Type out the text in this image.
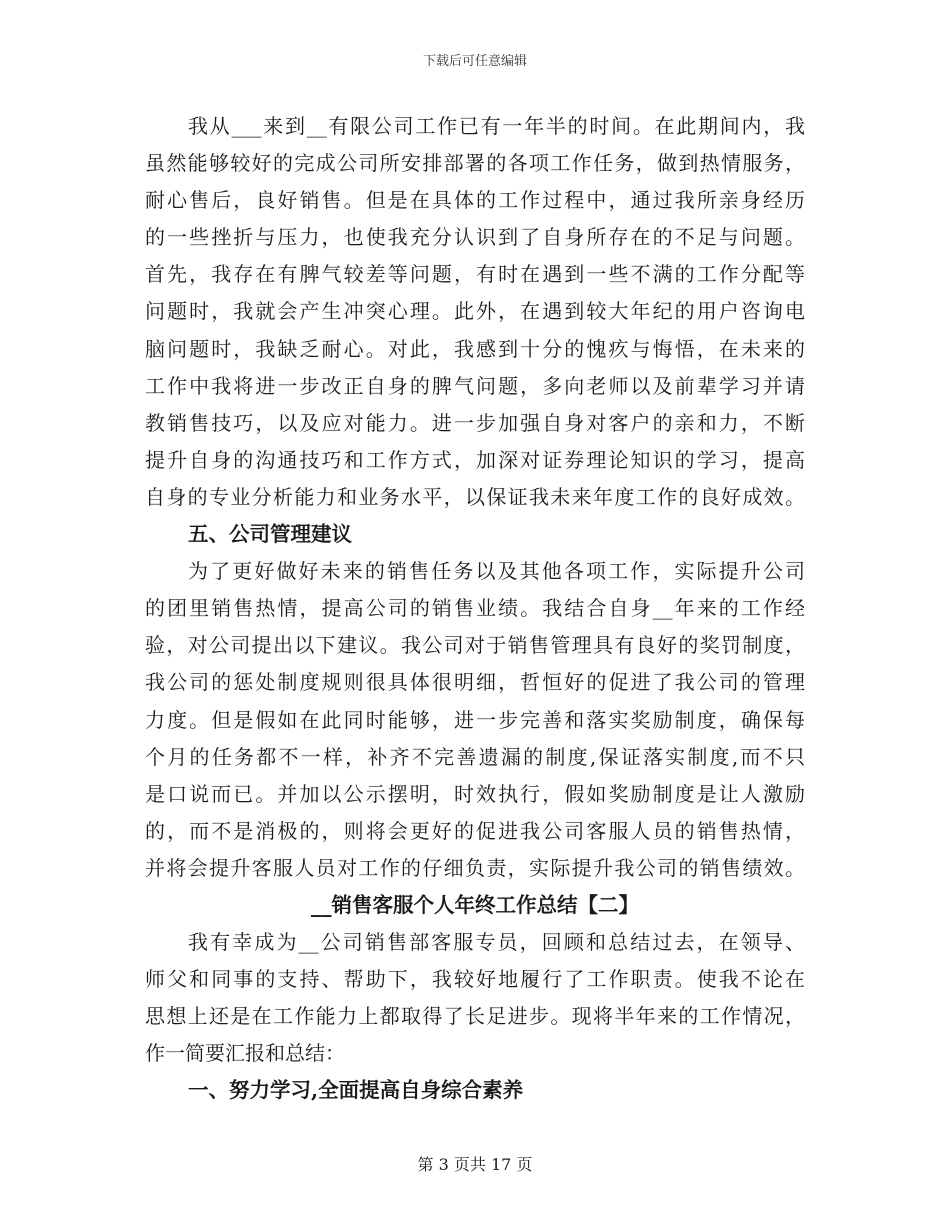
下载后可任意编辑
我从___来到__有限公司工作已有一年半的时间。在此期间内，我
虽然能够较好的完成公司所安排部署的各项工作任务，做到热情服务，
耐心售后，良好销售。但是在具体的工作过程中，通过我所亲身经历
的一些挫折与压力，也使我充分认识到了自身所存在的不足与问题。
首先，我存在有脾气较差等问题，有时在遇到一些不满的工作分配等
问题时，我就会产生冲突心理。此外，在遇到较大年纪的用户咨询电
脑问题时，我缺乏耐心。对此，我感到十分的愧疚与悔悟，在未来的
工作中我将进一步改正自身的脾气问题，多向老师以及前辈学习并请
教销售技巧，以及应对能力。进一步加强自身对客户的亲和力，不断
提升自身的沟通技巧和工作方式，加深对证券理论知识的学习，提高
自身的专业分析能力和业务水平，以保证我未来年度工作的良好成效。
五、公司管理建议
为了更好做好未来的销售任务以及其他各项工作，实际提升公司
的团里销售热情，提高公司的销售业绩。我结合自身__年来的工作经
验，对公司提出以下建议。我公司对于销售管理具有良好的奖罚制度，
我公司的惩处制度规则很具体很明细，哲恒好的促进了我公司的管理
力度。但是假如在此同时能够，进一步完善和落实奖励制度，确保每
个月的任务都不一样，补齐不完善遗漏的制度,保证落实制度,而不只
是口说而已。并加以公示摆明，时效执行，假如奖励制度是让人激励
的，而不是消极的，则将会更好的促进我公司客服人员的销售热情，
并将会提升客服人员对工作的仔细负责，实际提升我公司的销售绩效。
__销售客服个人年终工作总结【二】
我有幸成为__公司销售部客服专员，回顾和总结过去，在领导、
师父和同事的支持、帮助下，我较好地履行了工作职责。使我不论在
思想上还是在工作能力上都取得了长足进步。现将半年来的工作情况，
作一简要汇报和总结：
一、努力学习,全面提高自身综合素养
第 3 页共 17 页
